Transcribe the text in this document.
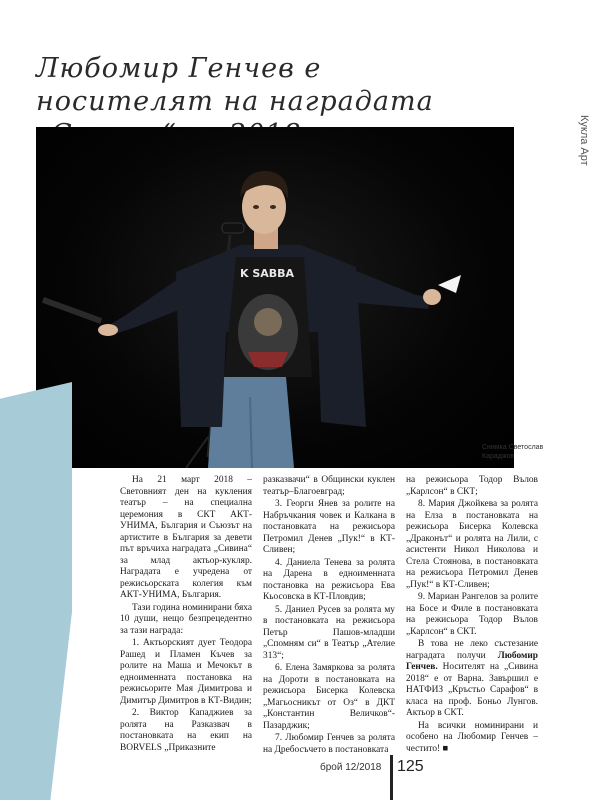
Любомир Генчев е носителят на наградата
Кукла Арт
K SABBA
Снимка Светослав Караджов

На 21 март 2018 – Световният ден на кукления театър – на специална церемония в СКТ АКТ-УНИМА, България и Съюзът на артистите в България за девети път връчиха наградата „Сивина“ за млад актьор-кукляр. Наградата е учредена от режисьорската колегия към АКТ-УНИМА, България.

Тази година номинирани бяха 10 души, нещо безпрецедентно за тази награда:

1. Актьорският дует Теодора Рашед и Пламен Къчев за ролите на Маша и Мечокът в едноименната постановка на режисьорите Мая Димитрова и Димитър Димитров в КТ-Видин;

2. Виктор Кападжиев за ролята на Разказвач в постановката на екип на BORVELS „Приказните

разказвачи“ в Общински куклен театър–Благоевград;

3. Георги Янев за ролите на Набръчкания човек и Калкана в постановката на режисьора Петромил Денев „Пук!“ в КТ-Сливен;

4. Даниела Тенева за ролята на Дарена в едноименната постановка на режисьора Ева Кьосовска в КТ-Пловдив;

5. Даниел Русев за ролята му в постановката на режисьора Петър Пашов-младши „Спомням си“ в Театър „Ателие 313“;

6. Елена Замяркова за ролята на Дороти в постановката на режисьора Бисерка Колевска „Магьосникът от Оз“ в ДКТ „Константин Величков“-Пазарджик;

7. Любомир Генчев за ролята на Дребосъчето в постановката

на режисьора Тодор Вълов „Карлсон“ в СКТ;

8. Мария Джойкева за ролята на Елза в постановката на режисьора Бисерка Колевска „Драконът“ и ролята на Лили, с асистенти Никол Николова и Стела Стоянова, в постановката на режисьора Петромил Денев „Пук!“ в КТ-Сливен;

9. Мариан Рангелов за ролите на Босе и Филе в постановката на режисьора Тодор Вълов „Карлсон“ в СКТ.

В това не леко състезание наградата получи Любомир Генчев. Носителят на „Сивина 2018“ е от Варна. Завършил е НАТФИЗ „Кръстьо Сарафов“ в класа на проф. Боньо Лунгов. Актьор в СКТ.

На всички номинирани и особено на Любомир Генчев – честито! ■

брой 12/2018 125
